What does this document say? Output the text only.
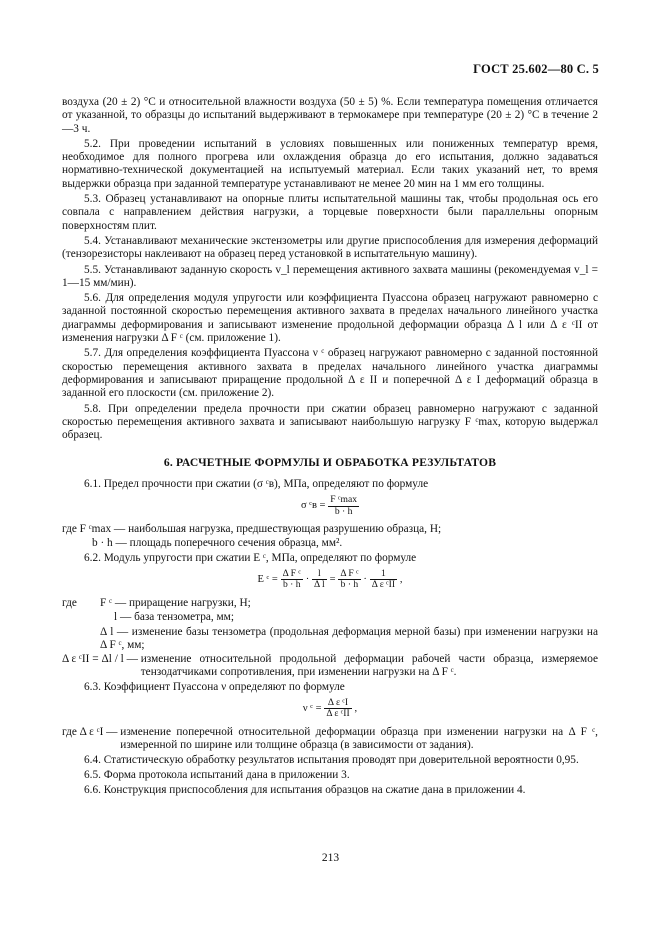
ГОСТ 25.602—80 С. 5

воздуха (20 ± 2) °С и относительной влажности воздуха (50 ± 5) %. Если температура помещения отличается от указанной, то образцы до испытаний выдерживают в термокамере при температуре (20 ± 2) °С в течение 2—3 ч.

5.2. При проведении испытаний в условиях повышенных или пониженных температур время, необходимое для полного прогрева или охлаждения образца до его испытания, должно задаваться нормативно-технической документацией на испытуемый материал. Если таких указаний нет, то время выдержки образца при заданной температуре устанавливают не менее 20 мин на 1 мм его толщины.

5.3. Образец устанавливают на опорные плиты испытательной машины так, чтобы продольная ось его совпала с направлением действия нагрузки, а торцевые поверхности были параллельны опорным поверхностям плит.

5.4. Устанавливают механические экстензометры или другие приспособления для измерения деформаций (тензорезисторы наклеивают на образец перед установкой в испытательную машину).

5.5. Устанавливают заданную скорость v_l перемещения активного захвата машины (рекомендуемая v_l = 1—15 мм/мин).

5.6. Для определения модуля упругости или коэффициента Пуассона образец нагружают равномерно с заданной постоянной скоростью перемещения активного захвата в пределах начального линейного участка диаграммы деформирования и записывают изменение продольной деформации образца Δ l или Δ ε ᶜII от изменения нагрузки Δ F ᶜ (см. приложение 1).

5.7. Для определения коэффициента Пуассона ν ᶜ образец нагружают равномерно с заданной постоянной скоростью перемещения активного захвата в пределах начального линейного участка диаграммы деформирования и записывают приращение продольной Δ ε II и поперечной Δ ε I деформаций образца в заданной его плоскости (см. приложение 2).

5.8. При определении предела прочности при сжатии образец равномерно нагружают с заданной скоростью перемещения активного захвата и записывают наибольшую нагрузку F ᶜmax, которую выдержал образец.

6. РАСЧЕТНЫЕ ФОРМУЛЫ И ОБРАБОТКА РЕЗУЛЬТАТОВ

6.1. Предел прочности при сжатии (σ ᶜв), МПа, определяют по формуле

σ ᶜв =
F ᶜmax
b · h
где F ᶜmax —
наибольшая нагрузка, предшествующая разрушению образца, Н;
b · h — площадь поперечного сечения образца, мм².

6.2. Модуль упругости при сжатии E ᶜ, МПа, определяют по формуле

E ᶜ = $\frac{\text{Δ F ᶜ}}{b \cdot h} \cdot \frac{l}{\text{Δ l}} = \frac{\text{Δ F ᶜ}}{b \cdot h}$ ·
1
Δ ε ᶜII ,
где	F ᶜ — приращение нагрузки, Н;
l — база тензометра, мм;
Δ l — изменение базы тензометра (продольная деформация мерной базы) при изменении нагрузки на Δ F ᶜ, мм;
Δ ε ᶜII = Δl / l —
изменение относительной продольной деформации рабочей части образца, измеряемое тензодатчиками сопротивления, при изменении нагрузки на Δ F ᶜ.

6.3. Коэффициент Пуассона ν определяют по формуле

ν ᶜ =
Δ ε ᶜI
Δ ε ᶜII ,
где Δ ε ᶜI —
изменение поперечной относительной деформации образца при изменении нагрузки на Δ F ᶜ, измеренной по ширине или толщине образца (в зависимости от задания).

6.4. Статистическую обработку результатов испытания проводят при доверительной вероятности 0,95.

6.5. Форма протокола испытаний дана в приложении 3.

6.6. Конструкция приспособления для испытания образцов на сжатие дана в приложении 4.

213
